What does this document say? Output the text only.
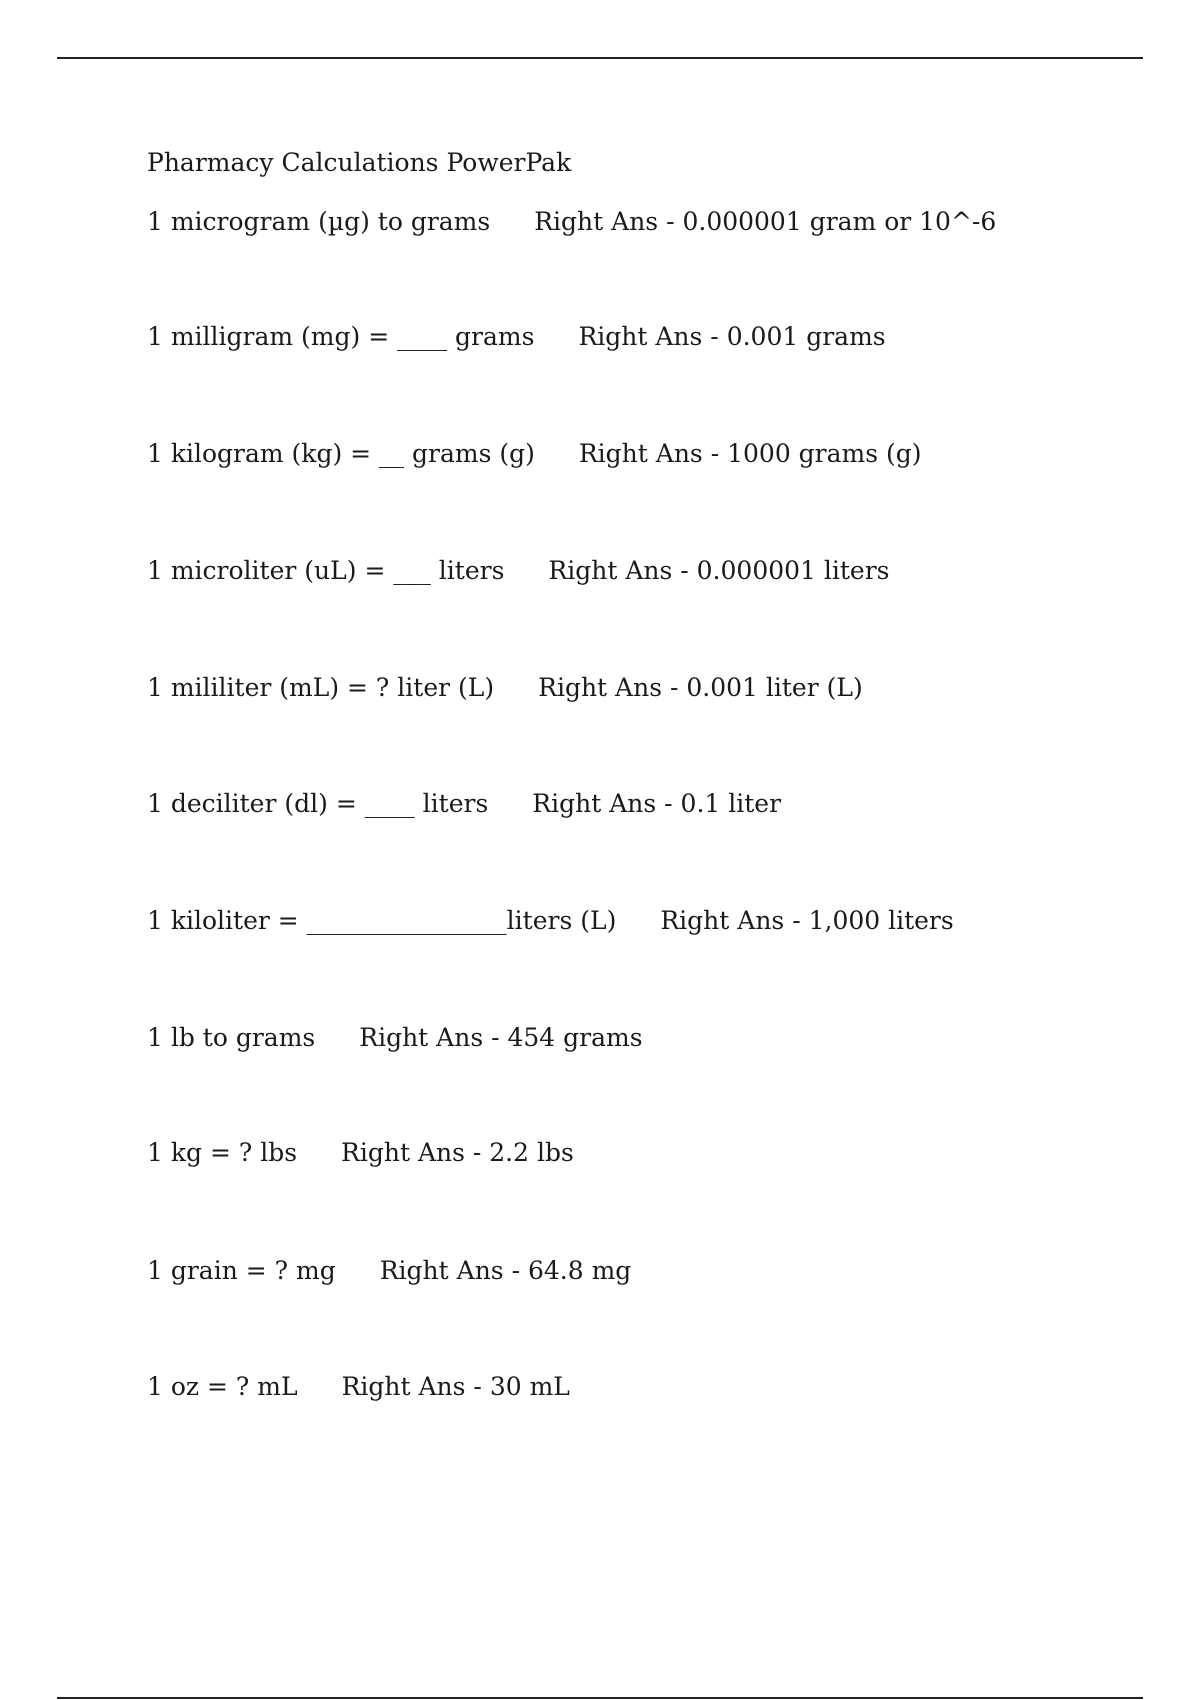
Pharmacy Calculations PowerPak
1 microgram (µg) to grams Right Ans - 0.000001 gram or 10^-6
1 milligram (mg) = ____ grams Right Ans - 0.001 grams
1 kilogram (kg) = __ grams (g) Right Ans - 1000 grams (g)
1 microliter (uL) = ___ liters Right Ans - 0.000001 liters
1 mililiter (mL) = ? liter (L) Right Ans - 0.001 liter (L)
1 deciliter (dl) = ____ liters Right Ans - 0.1 liter
1 kiloliter = ________________liters (L) Right Ans - 1,000 liters
1 lb to grams Right Ans - 454 grams
1 kg = ? lbs Right Ans - 2.2 lbs
1 grain = ? mg Right Ans - 64.8 mg
1 oz = ? mL Right Ans - 30 mL
